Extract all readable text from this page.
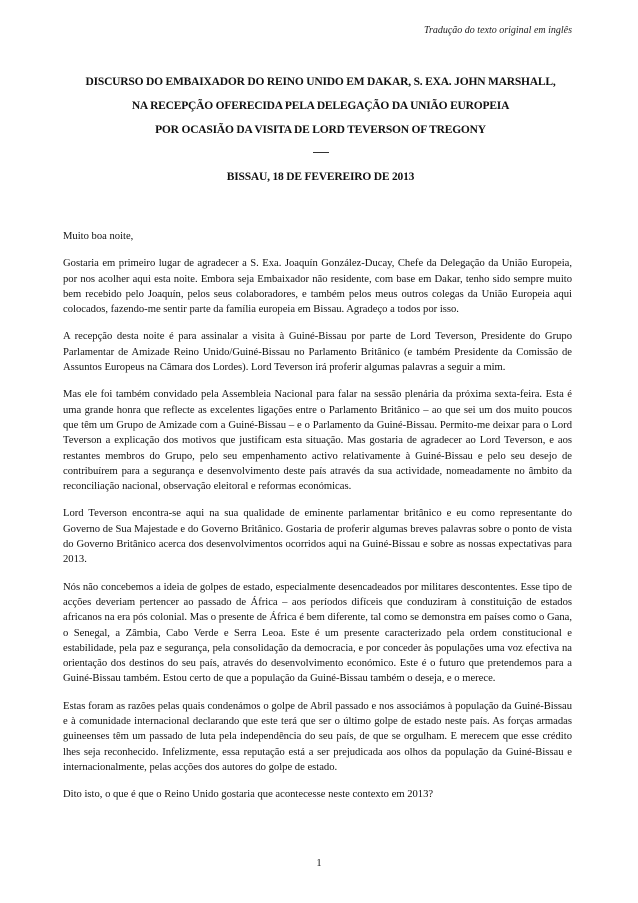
Tradução do texto original em inglês
DISCURSO DO EMBAIXADOR DO REINO UNIDO EM DAKAR, S. EXA. JOHN MARSHALL,
NA RECEPÇÃO OFERECIDA PELA DELEGAÇÃO DA UNIÃO EUROPEIA
POR OCASIÃO DA VISITA DE LORD TEVERSON OF TREGONY
BISSAU, 18 DE FEVEREIRO DE 2013

Muito boa noite,

Gostaria em primeiro lugar de agradecer a S. Exa. Joaquín González-Ducay, Chefe da Delegação da União Europeia, por nos acolher aqui esta noite. Embora seja Embaixador não residente, com base em Dakar, tenho sido sempre muito bem recebido pelo Joaquín, pelos seus colaboradores, e também pelos meus outros colegas da União Europeia aqui colocados, fazendo-me sentir parte da família europeia em Bissau. Agradeço a todos por isso.

A recepção desta noite é para assinalar a visita à Guiné-Bissau por parte de Lord Teverson, Presidente do Grupo Parlamentar de Amizade Reino Unido/Guiné-Bissau no Parlamento Britânico (e também Presidente da Comissão de Assuntos Europeus na Câmara dos Lordes). Lord Teverson irá proferir algumas palavras a seguir a mim.

Mas ele foi também convidado pela Assembleia Nacional para falar na sessão plenária da próxima sexta-feira. Esta é uma grande honra que reflecte as excelentes ligações entre o Parlamento Britânico – ao que sei um dos muito poucos que têm um Grupo de Amizade com a Guiné-Bissau – e o Parlamento da Guiné-Bissau. Permito-me deixar para o Lord Teverson a explicação dos motivos que justificam esta situação. Mas gostaria de agradecer ao Lord Teverson, e aos restantes membros do Grupo, pelo seu empenhamento activo relativamente à Guiné-Bissau e pelo seu desejo de contribuírem para a segurança e desenvolvimento deste país através da sua actividade, nomeadamente no âmbito da reconciliação nacional, observação eleitoral e reformas económicas.

Lord Teverson encontra-se aqui na sua qualidade de eminente parlamentar britânico e eu como representante do Governo de Sua Majestade e do Governo Britânico. Gostaria de proferir algumas breves palavras sobre o ponto de vista do Governo Britânico acerca dos desenvolvimentos ocorridos aqui na Guiné-Bissau e sobre as nossas expectativas para 2013.

Nós não concebemos a ideia de golpes de estado, especialmente desencadeados por militares descontentes. Esse tipo de acções deveriam pertencer ao passado de África – aos períodos difíceis que conduziram à constituição de estados africanos na era pós colonial. Mas o presente de África é bem diferente, tal como se demonstra em países como o Gana, o Senegal, a Zâmbia, Cabo Verde e Serra Leoa. Este é um presente caracterizado pela ordem constitucional e estabilidade, pela paz e segurança, pela consolidação da democracia, e por conceder às populações uma voz efectiva na orientação dos destinos do seu país, através do desenvolvimento económico. Este é o futuro que pretendemos para a Guiné-Bissau também. Estou certo de que a população da Guiné-Bissau também o deseja, e o merece.

Estas foram as razões pelas quais condenámos o golpe de Abril passado e nos associámos à população da Guiné-Bissau e à comunidade internacional declarando que este terá que ser o último golpe de estado neste país. As forças armadas guineenses têm um passado de luta pela independência do seu país, de que se orgulham. E merecem que esse crédito lhes seja reconhecido. Infelizmente, essa reputação está a ser prejudicada aos olhos da população da Guiné-Bissau e internacionalmente, pelas acções dos autores do golpe de estado.

Dito isto, o que é que o Reino Unido gostaria que acontecesse neste contexto em 2013?

1
